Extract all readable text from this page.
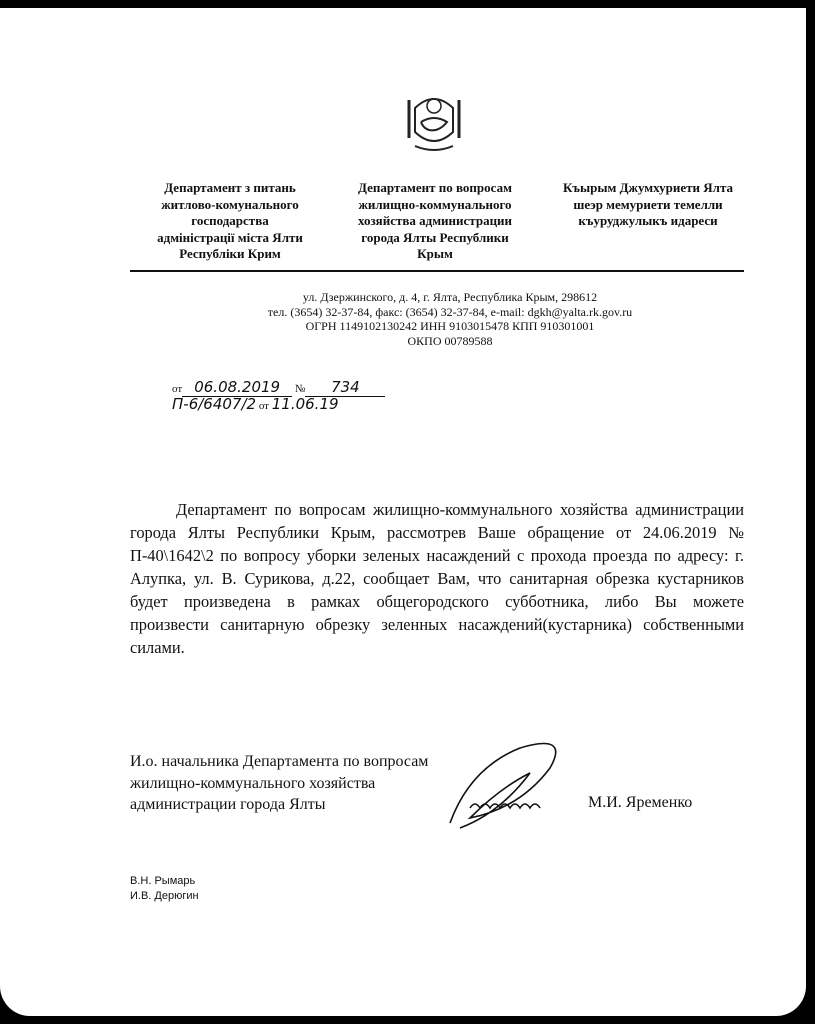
Департамент з питань
житлово-комунального
господарства
адміністрації міста Ялти
Республіки Крим
Департамент по вопросам
жилищно-коммунального
хозяйства администрации
города Ялты Республики
Крым
Къырым Джумхуриети Ялта
шеэр мемуриети темелли
къуруджулыкъ идареси
ул. Дзержинского, д. 4, г. Ялта, Республика Крым, 298612
тел. (3654) 32-37-84, факс: (3654) 32-37-84, e-mail: dgkh@yalta.rk.gov.ru
ОГРН 1149102130242 ИНН 9103015478 КПП 910301001
ОКПО 00789588
от 06.08.2019 № 734
П-6/6407/2 от 11.06.19
Департамент по вопросам жилищно-коммунального хозяйства администрации города Ялты Республики Крым, рассмотрев Ваше обращение от 24.06.2019 № П-40\1642\2 по вопросу уборки зеленых насаждений с прохода проезда по адресу: г. Алупка, ул. В. Сурикова, д.22, сообщает Вам, что санитарная обрезка кустарников будет произведена в рамках общегородского субботника, либо Вы можете произвести санитарную обрезку зеленных насаждений(кустарника) собственными силами.
И.о. начальника Департамента по вопросам
жилищно-коммунального хозяйства
администрации города Ялты	М.И. Яременко
В.Н. Рымарь
И.В. Дерюгин
